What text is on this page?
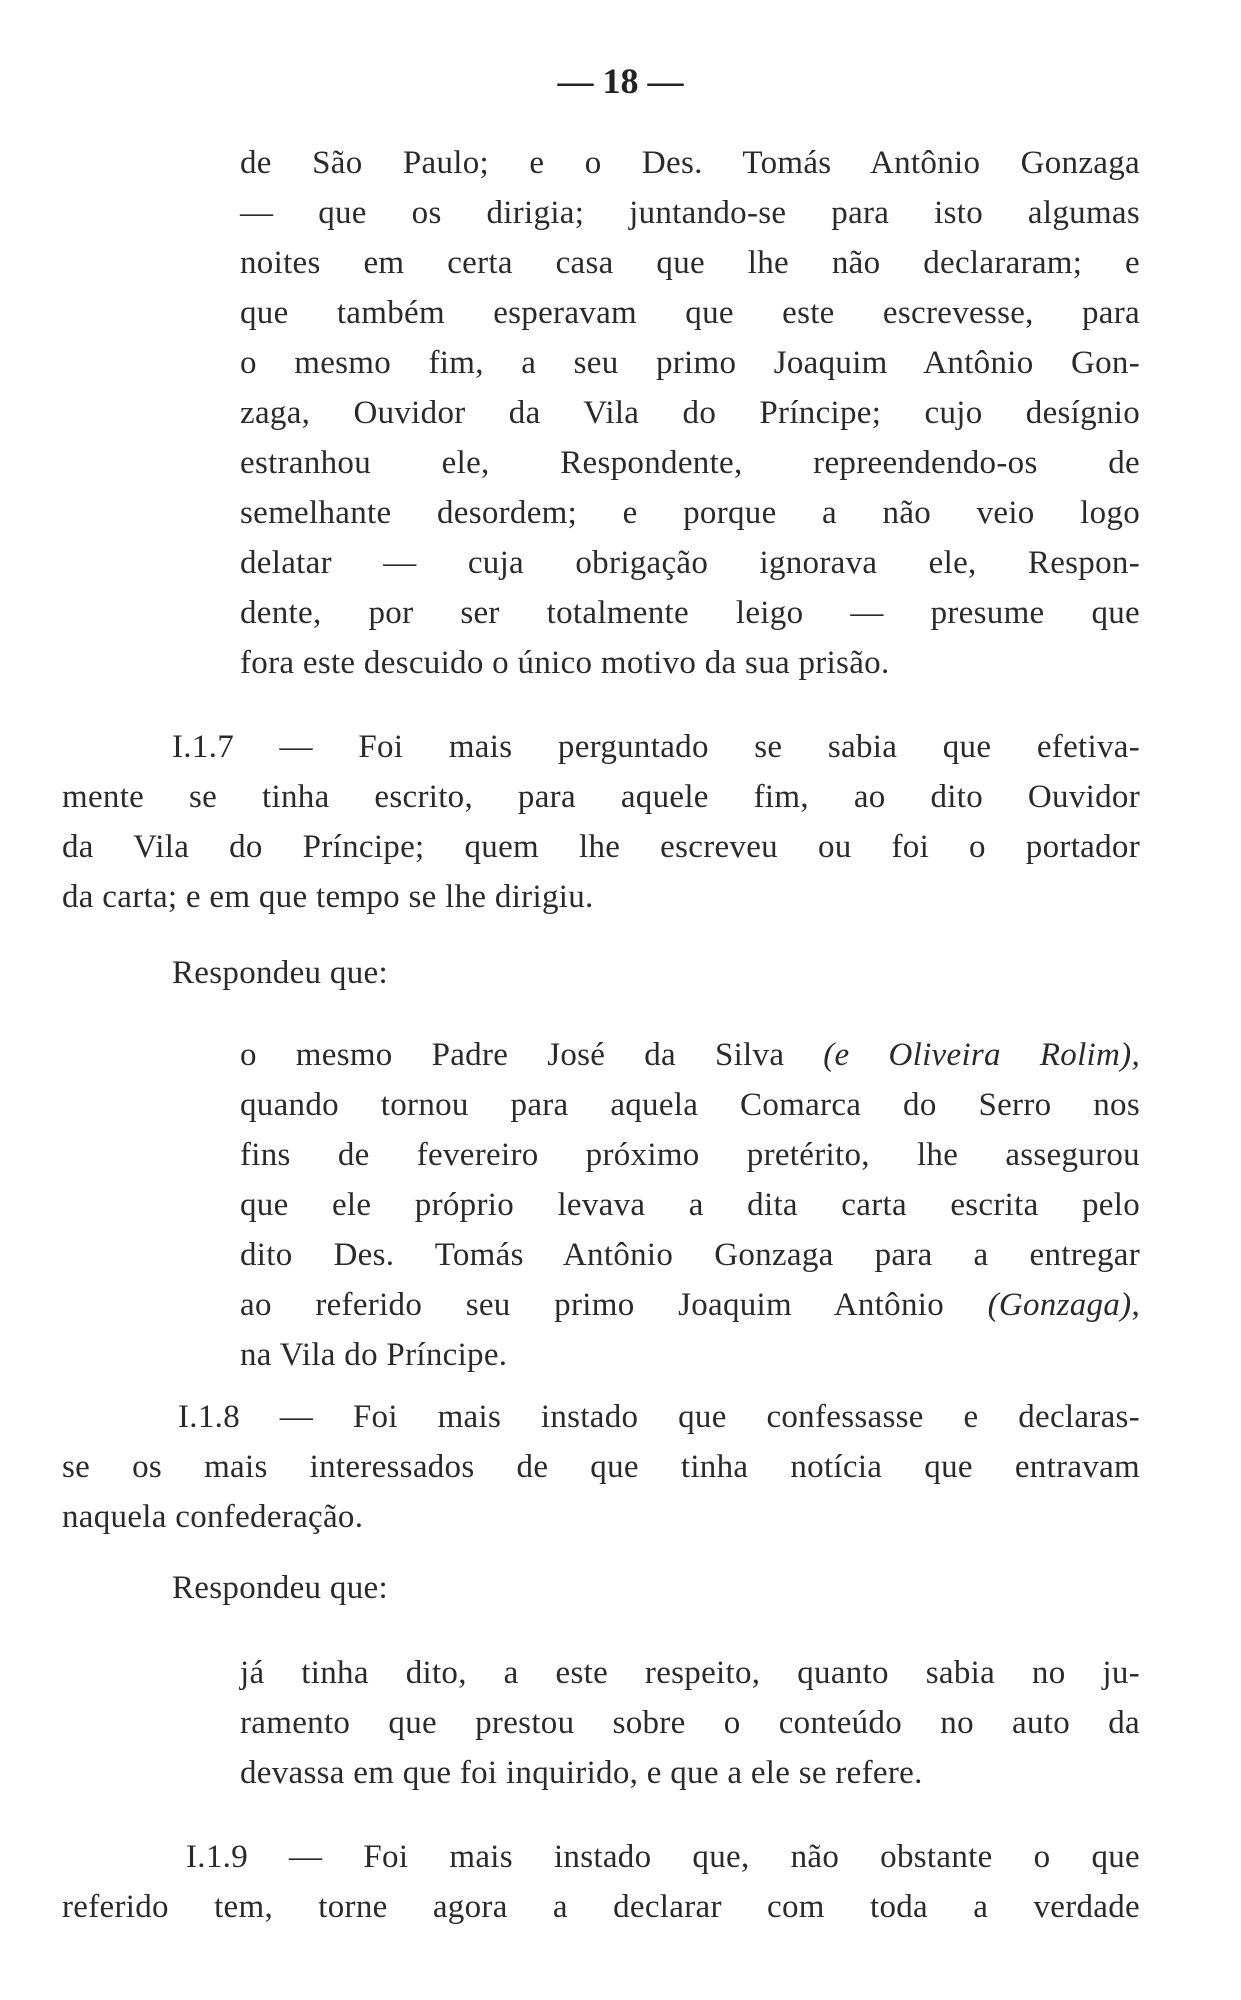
— 18 —
de São Paulo; e o Des. Tomás Antônio Gonzaga
— que os dirigia; juntando-se para isto algumas
noites em certa casa que lhe não declararam; e
que também esperavam que este escrevesse, para
o mesmo fim, a seu primo Joaquim Antônio Gon-
zaga, Ouvidor da Vila do Príncipe; cujo desígnio
estranhou ele, Respondente, repreendendo-os de
semelhante desordem; e porque a não veio logo
delatar — cuja obrigação ignorava ele, Respon-
dente, por ser totalmente leigo — presume que
fora este descuido o único motivo da sua prisão.
I.1.7 — Foi mais perguntado se sabia que efetiva-
mente se tinha escrito, para aquele fim, ao dito Ouvidor
da Vila do Príncipe; quem lhe escreveu ou foi o portador
da carta; e em que tempo se lhe dirigiu.
Respondeu que:
o mesmo Padre José da Silva (e Oliveira Rolim),
quando tornou para aquela Comarca do Serro nos
fins de fevereiro próximo pretérito, lhe assegurou
que ele próprio levava a dita carta escrita pelo
dito Des. Tomás Antônio Gonzaga para a entregar
ao referido seu primo Joaquim Antônio (Gonzaga),
na Vila do Príncipe.
I.1.8 — Foi mais instado que confessasse e declaras-
se os mais interessados de que tinha notícia que entravam
naquela confederação.
Respondeu que:
já tinha dito, a este respeito, quanto sabia no ju-
ramento que prestou sobre o conteúdo no auto da
devassa em que foi inquirido, e que a ele se refere.
I.1.9 — Foi mais instado que, não obstante o que
referido tem, torne agora a declarar com toda a verdade
